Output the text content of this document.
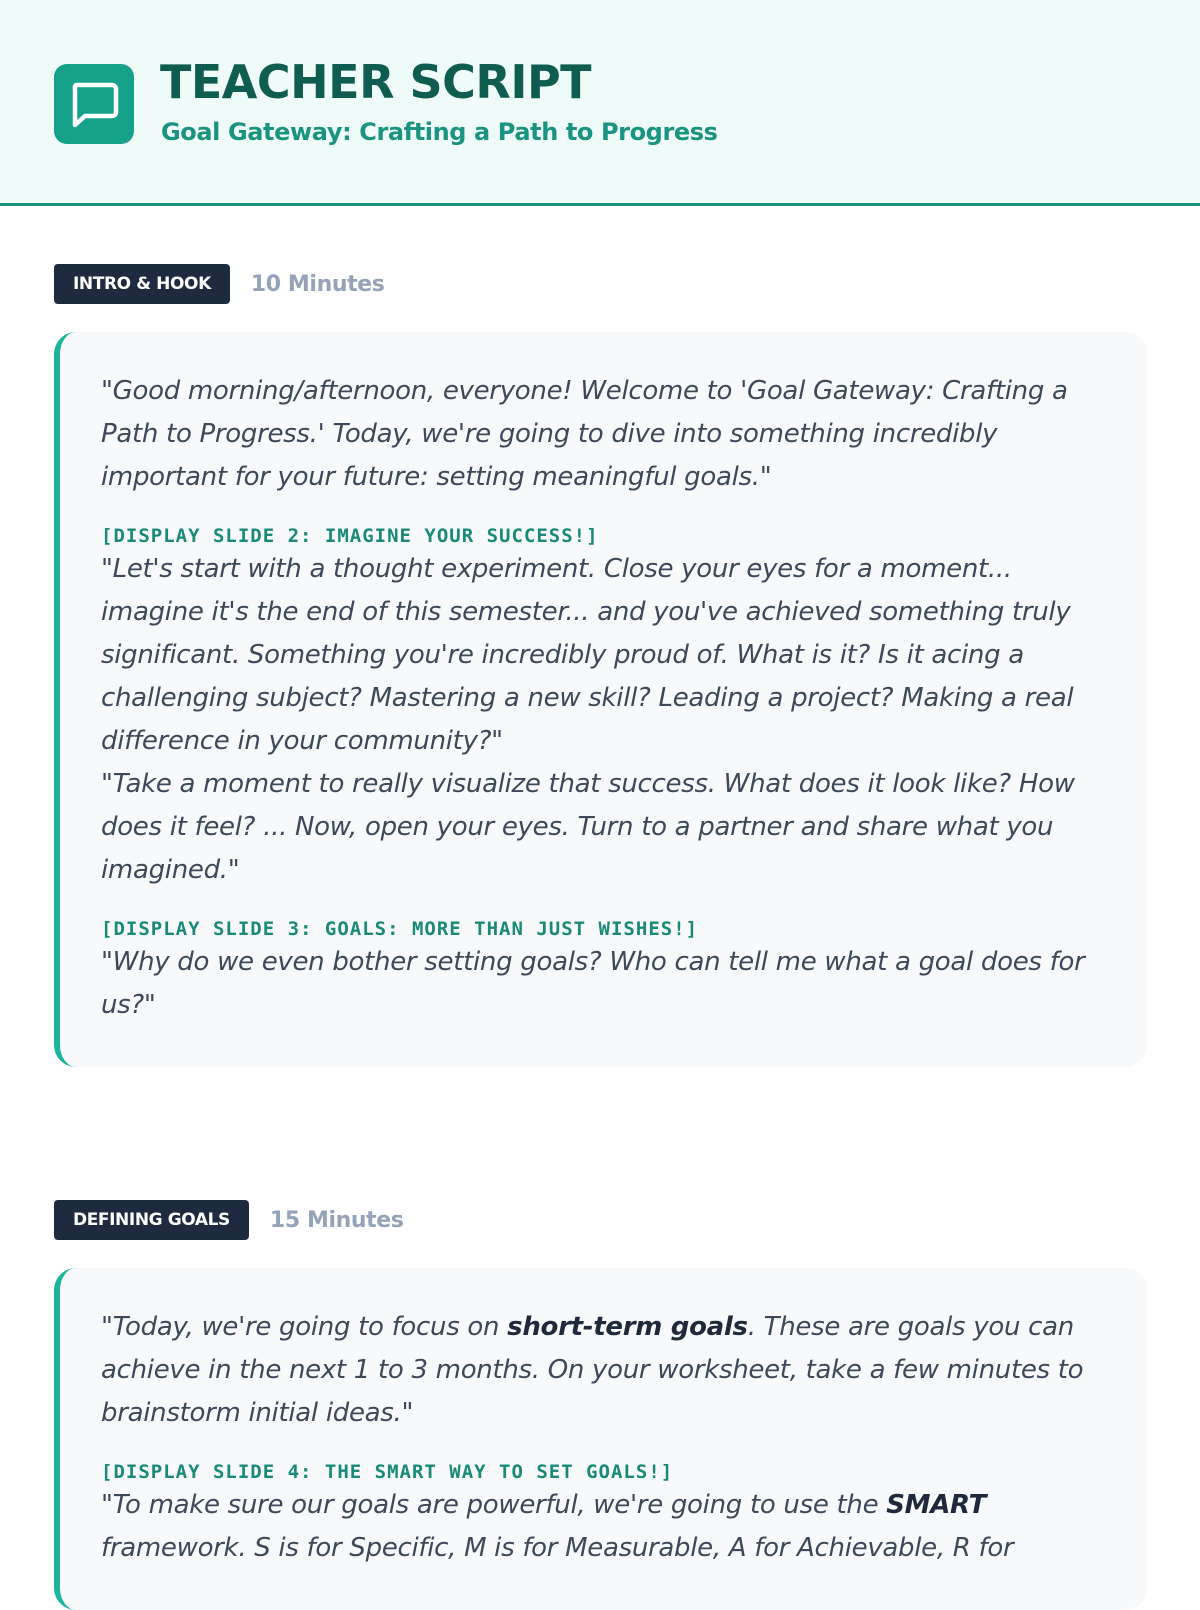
TEACHER SCRIPT
Goal Gateway: Crafting a Path to Progress
INTRO & HOOK	10 Minutes

"Good morning/afternoon, everyone! Welcome to 'Goal Gateway: Crafting a Path to Progress.' Today, we're going to dive into something incredibly important for your future: setting meaningful goals."

[DISPLAY SLIDE 2: IMAGINE YOUR SUCCESS!]

"Let's start with a thought experiment. Close your eyes for a moment... imagine it's the end of this semester... and you've achieved something truly significant. Something you're incredibly proud of. What is it? Is it acing a challenging subject? Mastering a new skill? Leading a project? Making a real difference in your community?"

"Take a moment to really visualize that success. What does it look like? How does it feel? ... Now, open your eyes. Turn to a partner and share what you imagined."

[DISPLAY SLIDE 3: GOALS: MORE THAN JUST WISHES!]

"Why do we even bother setting goals? Who can tell me what a goal does for us?"

DEFINING GOALS	15 Minutes

"Today, we're going to focus on short-term goals. These are goals you can achieve in the next 1 to 3 months. On your worksheet, take a few minutes to brainstorm initial ideas."

[DISPLAY SLIDE 4: THE SMART WAY TO SET GOALS!]

"To make sure our goals are powerful, we're going to use the SMART framework. S is for Specific, M is for Measurable, A for Achievable, R for
